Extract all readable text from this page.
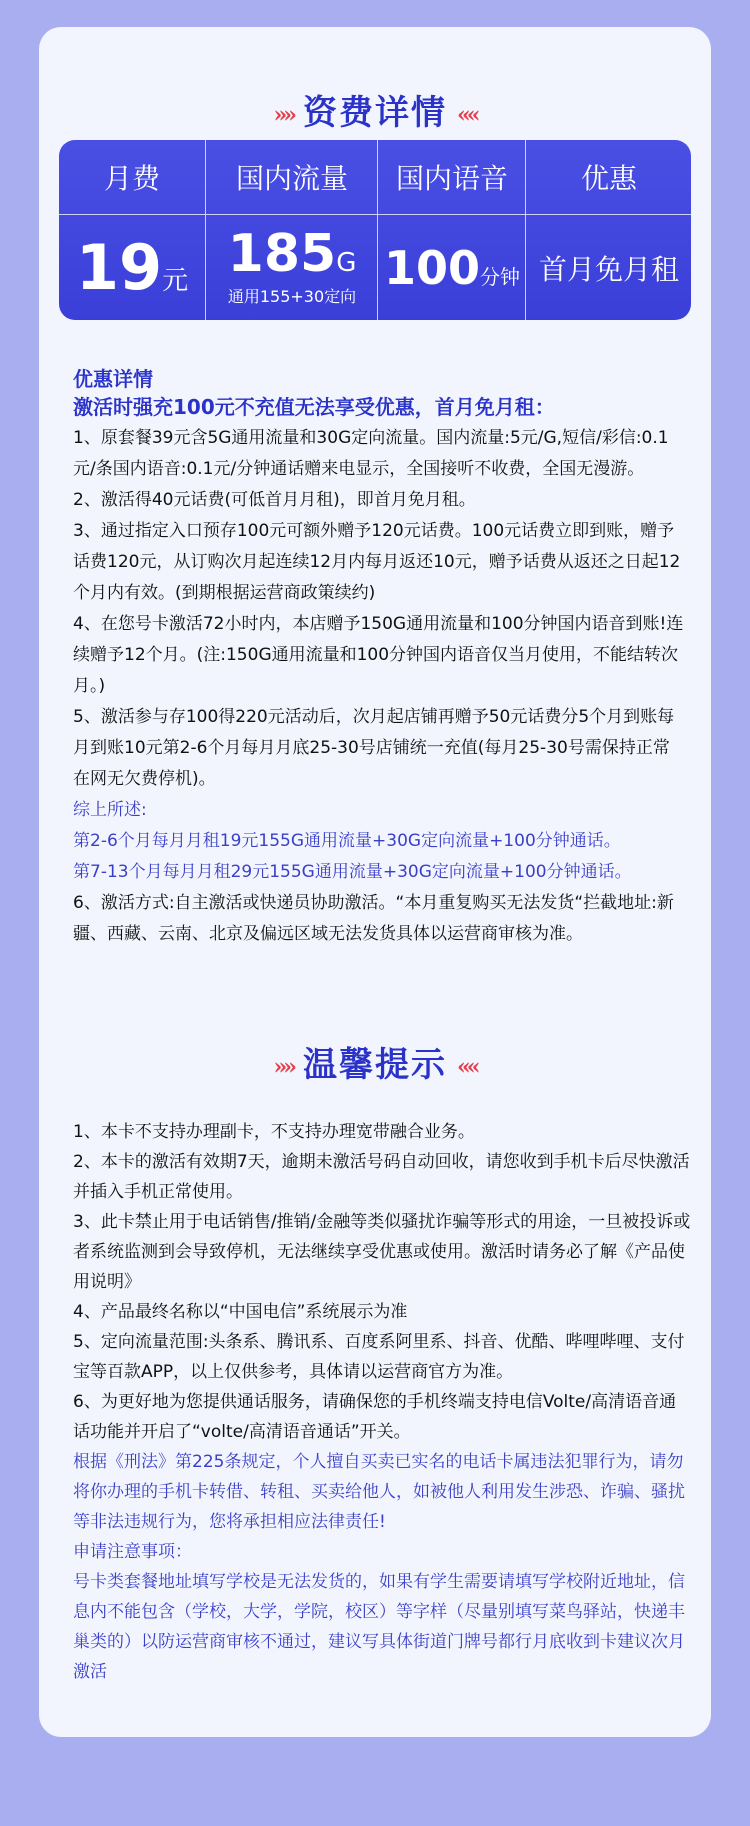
»» 资费详情 ««
月费
19 元
国内流量
185G
通用155+30定向
国内语音
100 分钟
优惠
首月免月租

优惠详情

激活时强充100元不充值无法享受优惠，首月免月租：

1、原套餐39元含5G通用流量和30G定向流量。国内流量:5元/G,短信/彩信:0.1元/条国内语音:0.1元/分钟通话赠来电显示，全国接听不收费，全国无漫游。

2、激活得40元话费(可低首月月租)，即首月免月租。

3、通过指定入口预存100元可额外赠予120元话费。100元话费立即到账，赠予话费120元，从订购次月起连续12月内每月返还10元，赠予话费从返还之日起12个月内有效。(到期根据运营商政策续约)

4、在您号卡激活72小时内，本店赠予150G通用流量和100分钟国内语音到账!连续赠予12个月。(注:150G通用流量和100分钟国内语音仅当月使用，不能结转次月。)

5、激活参与存100得220元活动后，次月起店铺再赠予50元话费分5个月到账每月到账10元第2-6个月每月月底25-30号店铺统一充值(每月25-30号需保持正常在网无欠费停机)。

综上所述:

第2-6个月每月月租19元155G通用流量+30G定向流量+100分钟通话。

第7-13个月每月月租29元155G通用流量+30G定向流量+100分钟通话。

6、激活方式:自主激活或快递员协助激活。“本月重复购买无法发货“拦截地址:新疆、西藏、云南、北京及偏远区域无法发货具体以运营商审核为准。

»» 温馨提示 ««

1、本卡不支持办理副卡，不支持办理宽带融合业务。

2、本卡的激活有效期7天，逾期未激活号码自动回收，请您收到手机卡后尽快激活并插入手机正常使用。

3、此卡禁止用于电话销售/推销/金融等类似骚扰诈骗等形式的用途，一旦被投诉或者系统监测到会导致停机，无法继续享受优惠或使用。激活时请务必了解《产品使用说明》

4、产品最终名称以“中国电信”系统展示为准

5、定向流量范围:头条系、腾讯系、百度系阿里系、抖音、优酷、哔哩哔哩、支付宝等百款APP，以上仅供参考，具体请以运营商官方为准。

6、为更好地为您提供通话服务，请确保您的手机终端支持电信Volte/高清语音通话功能并开启了“volte/高清语音通话”开关。

根据《刑法》第225条规定，个人擅自买卖已实名的电话卡属违法犯罪行为，请勿将你办理的手机卡转借、转租、买卖给他人，如被他人利用发生涉恐、诈骗、骚扰等非法违规行为，您将承担相应法律责任!

申请注意事项：

号卡类套餐地址填写学校是无法发货的，如果有学生需要请填写学校附近地址，信息内不能包含（学校，大学，学院，校区）等字样（尽量别填写菜鸟驿站，快递丰巢类的）以防运营商审核不通过，建议写具体街道门牌号都行月底收到卡建议次月激活
